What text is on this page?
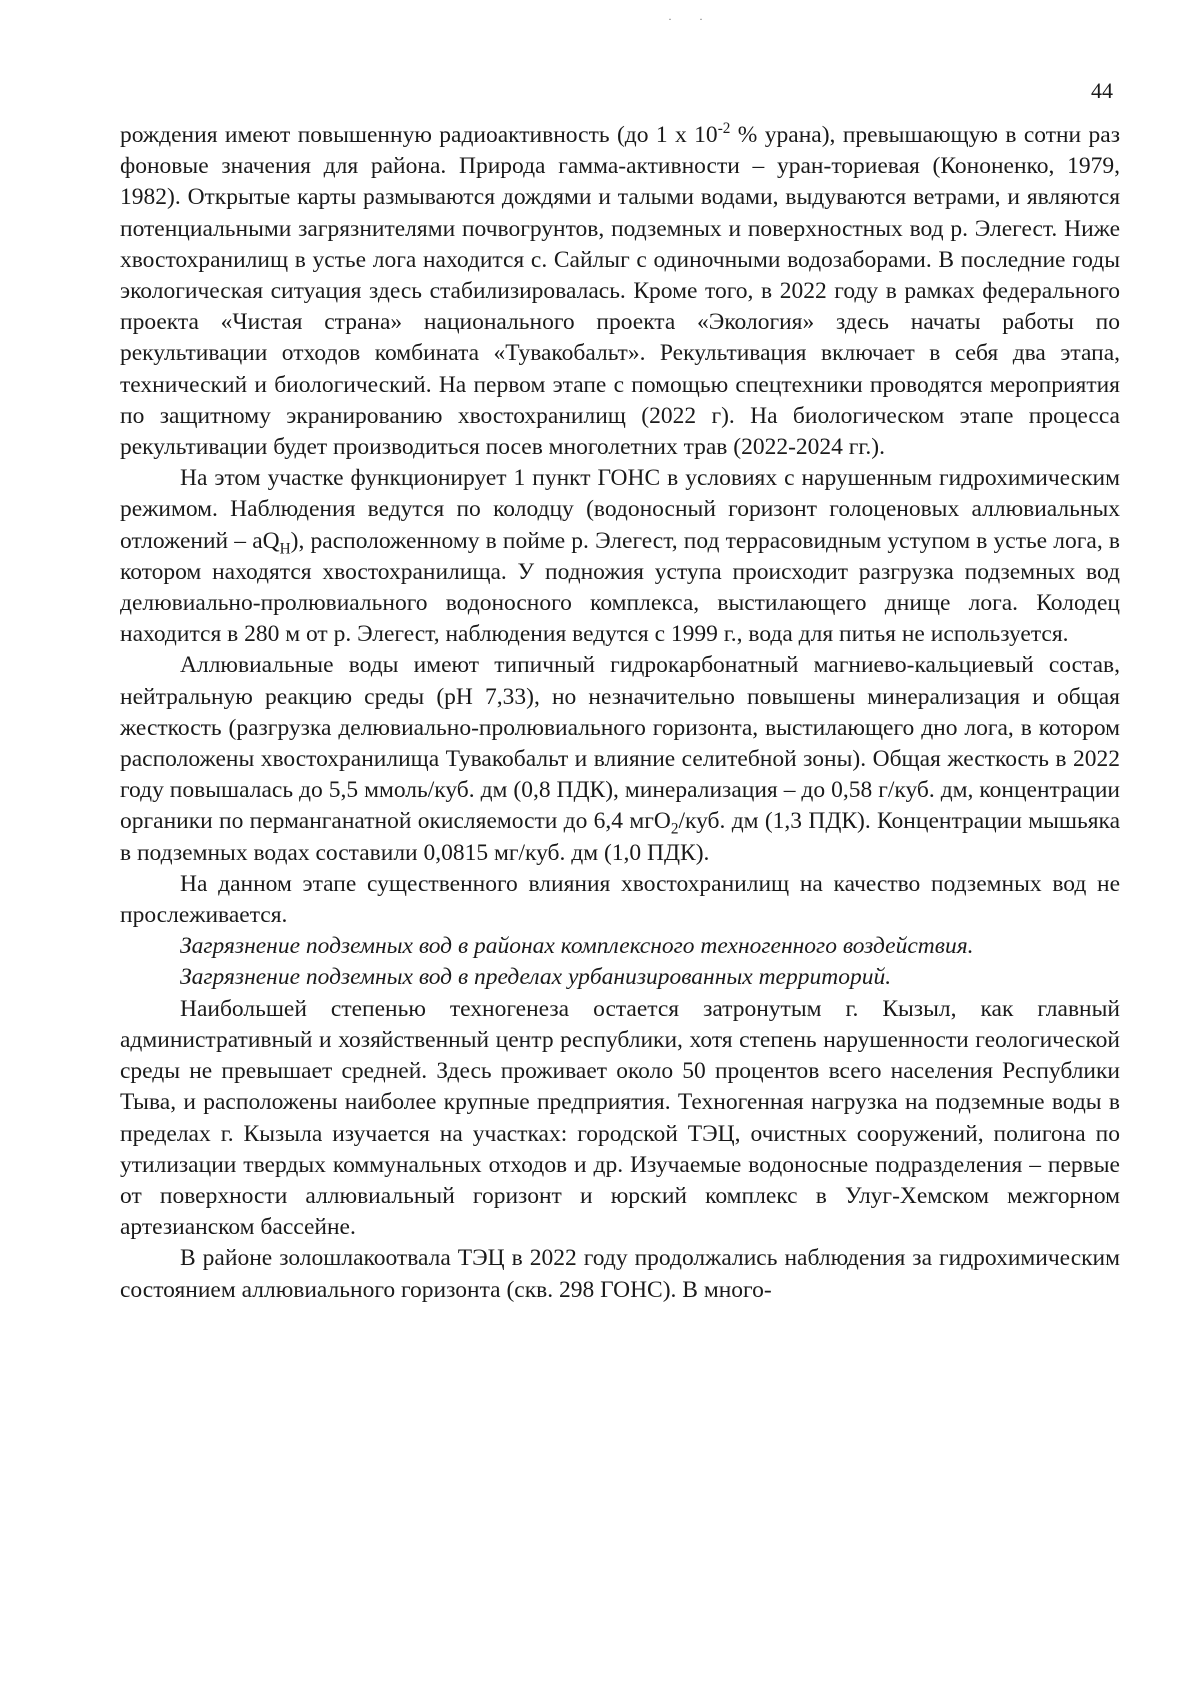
· ·
44

рождения имеют повышенную радиоактивность (до 1 х $10^{-2}$ % урана), превышающую в сотни раз фоновые значения для района. Природа гамма-активности – уран-ториевая (Кононенко, 1979, 1982). Открытые карты размываются дождями и талыми водами, выдуваются ветрами, и являются потенциальными загрязнителями почвогрунтов, подземных и поверхностных вод р. Элегест. Ниже хвостохранилищ в устье лога находится с. Сайлыг с одиночными водозаборами. В последние годы экологическая ситуация здесь стабилизировалась. Кроме того, в 2022 году в рамках федерального проекта «Чистая страна» национального проекта «Экология» здесь начаты работы по рекультивации отходов комбината «Тувакобальт». Рекультивация включает в себя два этапа, технический и биологический. На первом этапе с помощью спецтехники проводятся мероприятия по защитному экранированию хвостохранилищ (2022 г). На биологическом этапе процесса рекультивации будет производиться посев многолетних трав (2022-2024 гг.).

На этом участке функционирует 1 пункт ГОНС в условиях с нарушенным гидрохимическим режимом. Наблюдения ведутся по колодцу (водоносный горизонт голоценовых аллювиальных отложений – $aQ_H$), расположенному в пойме р. Элегест, под террасовидным уступом в устье лога, в котором находятся хвостохранилища. У подножия уступа происходит разгрузка подземных вод делювиально-пролювиального водоносного комплекса, выстилающего днище лога. Колодец находится в 280 м от р. Элегест, наблюдения ведутся с 1999 г., вода для питья не используется.

Аллювиальные воды имеют типичный гидрокарбонатный магниево-кальциевый состав, нейтральную реакцию среды (pH 7,33), но незначительно повышены минерализация и общая жесткость (разгрузка делювиально-пролювиального горизонта, выстилающего дно лога, в котором расположены хвостохранилища Тувакобальт и влияние селитебной зоны). Общая жесткость в 2022 году повышалась до 5,5 ммоль/куб. дм (0,8 ПДК), минерализация – до 0,58 г/куб. дм, концентрации органики по перманганатной окисляемости до 6,4 мгO$_2$/куб. дм (1,3 ПДК). Концентрации мышьяка в подземных водах составили 0,0815 мг/куб. дм (1,0 ПДК).

На данном этапе существенного влияния хвостохранилищ на качество подземных вод не прослеживается.

Загрязнение подземных вод в районах комплексного техногенного воздействия.

Загрязнение подземных вод в пределах урбанизированных территорий.

Наибольшей степенью техногенеза остается затронутым г. Кызыл, как главный административный и хозяйственный центр республики, хотя степень нарушенности геологической среды не превышает средней. Здесь проживает около 50 процентов всего населения Республики Тыва, и расположены наиболее крупные предприятия. Техногенная нагрузка на подземные воды в пределах г. Кызыла изучается на участках: городской ТЭЦ, очистных сооружений, полигона по утилизации твердых коммунальных отходов и др. Изучаемые водоносные подразделения – первые от поверхности аллювиальный горизонт и юрский комплекс в Улуг-Хемском межгорном артезианском бассейне.

В районе золошлакоотвала ТЭЦ в 2022 году продолжались наблюдения за гидрохимическим состоянием аллювиального горизонта (скв. 298 ГОНС). В много-
